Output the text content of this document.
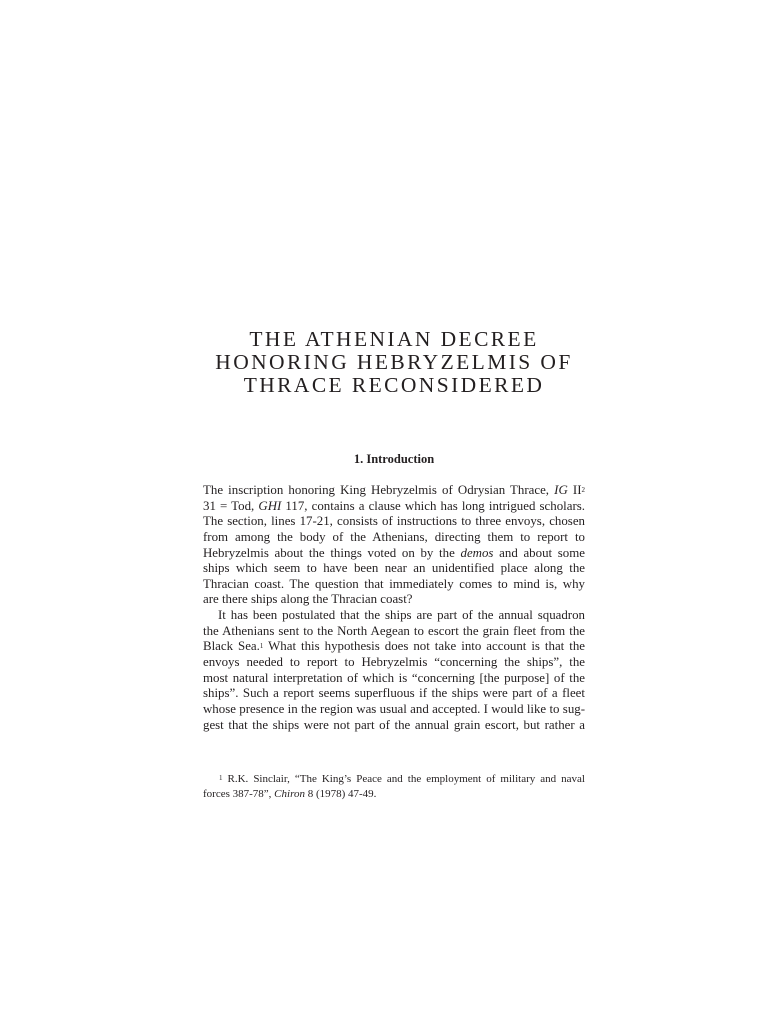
THE ATHENIAN DECREE
HONORING HEBRYZELMIS OF
THRACE RECONSIDERED
1. Introduction
The inscription honoring King Hebryzelmis of Odrysian Thrace, IG $II^2$
31 = Tod, GHI 117, contains a clause which has long intrigued scholars.
The section, lines 17-21, consists of instructions to three envoys, chosen
from among the body of the Athenians, directing them to report to
Hebryzelmis about the things voted on by the demos and about some
ships which seem to have been near an unidentified place along the
Thracian coast. The question that immediately comes to mind is, why
are there ships along the Thracian coast?
It has been postulated that the ships are part of the annual squadron
the Athenians sent to the North Aegean to escort the grain fleet from the
Black Sea.$^1$ What this hypothesis does not take into account is that the
envoys needed to report to Hebryzelmis “concerning the ships”, the
most natural interpretation of which is “concerning [the purpose] of the
ships”. Such a report seems superfluous if the ships were part of a fleet
whose presence in the region was usual and accepted. I would like to sug-
gest that the ships were not part of the annual grain escort, but rather a
$^1$ R.K. Sinclair, “The King’s Peace and the employment of military and naval
forces 387-78”, Chiron 8 (1978) 47-49.
